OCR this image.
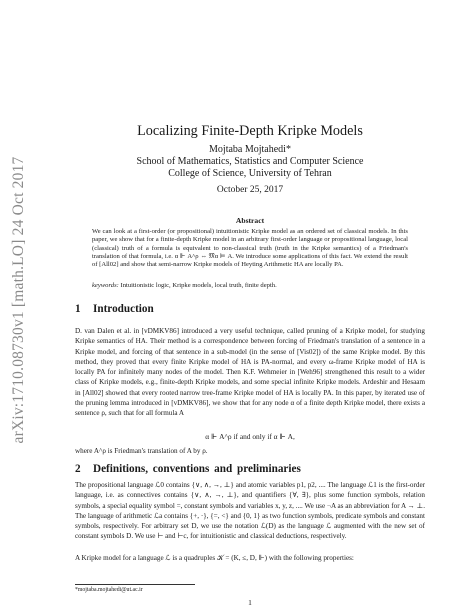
arXiv:1710.08730v1 [math.LO] 24 Oct 2017
Localizing Finite-Depth Kripke Models
Mojtaba Mojtahedi*
School of Mathematics, Statistics and Computer Science
College of Science, University of Tehran
October 25, 2017
Abstract
We can look at a first-order (or propositional) intuitionistic Kripke model as an ordered set of classical models. In this paper, we show that for a finite-depth Kripke model in an arbitrary first-order language or propositional language, local (classical) truth of a formula is equivalent to non-classical truth (truth in the Kripke semantics) of a Friedman's translation of that formula, i.e. α ⊩ A^ρ ⇔ 𝔐α ⊨ A. We introduce some applications of this fact. We extend the result of [All02] and show that semi-narrow Kripke models of Heyting Arithmetic HA are locally PA.
keywords: Intuitionistic logic, Kripke models, local truth, finite depth.
1 Introduction
D. van Dalen et al. in [vDMKV86] introduced a very useful technique, called pruning of a Kripke model, for studying Kripke semantics of HA. Their method is a correspondence between forcing of Friedman's translation of a sentence in a Kripke model, and forcing of that sentence in a sub-model (in the sense of [Vis02]) of the same Kripke model. By this method, they proved that every finite Kripke model of HA is PA-normal, and every ω-frame Kripke model of HA is locally PA for infinitely many nodes of the model. Then K.F. Wehmeier in [Weh96] strengthened this result to a wider class of Kripke models, e.g., finite-depth Kripke models, and some special infinite Kripke models. Ardeshir and Hesaam in [All02] showed that every rooted narrow tree-frame Kripke model of HA is locally PA. In this paper, by iterated use of the pruning lemma introduced in [vDMKV86], we show that for any node α of a finite depth Kripke model, there exists a sentence ρ, such that for all formula A
α ⊩ A^ρ if and only if α ⊩ A,
where A^ρ is Friedman's translation of A by ρ.
2 Definitions, conventions and preliminaries
The propositional language ℒ0 contains {∨, ∧, →, ⊥} and atomic variables p1, p2, .... The language ℒ1 is the first-order language, i.e. as connectives contains {∨, ∧, →, ⊥}, and quantifiers {∀, ∃}, plus some function symbols, relation symbols, a special equality symbol =, constant symbols and variables x, y, z, .... We use ¬A as an abbreviation for A → ⊥. The language of arithmetic ℒa contains {+, ·}, {=, <} and {0, 1} as two function symbols, predicate symbols and constant symbols, respectively. For arbitrary set D, we use the notation ℒ(D) as the language ℒ augmented with the new set of constant symbols D. We use ⊢ and ⊢c, for intuitionistic and classical deductions, respectively.
A Kripke model for a language ℒ is a quadruples 𝒦 = (K, ≤, D, ⊩) with the following properties:
*mojtaba.mojtahedi@ut.ac.ir
1
